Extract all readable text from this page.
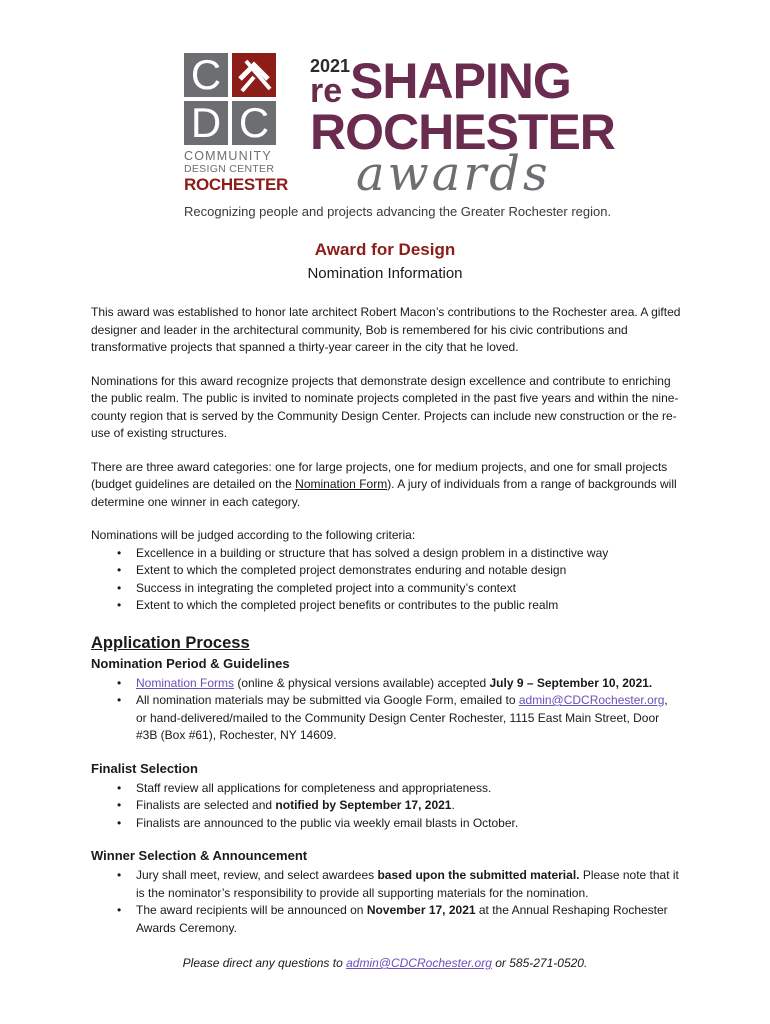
C
D C
COMMUNITY
DESIGN CENTER
ROCHESTER
2021
re SHAPING
ROCHESTER
awards
Recognizing people and projects advancing the Greater Rochester region.
Award for Design
Nomination Information

This award was established to honor late architect Robert Macon’s contributions to the Rochester area. A gifted designer and leader in the architectural community, Bob is remembered for his civic contributions and transformative projects that spanned a thirty-year career in the city that he loved.

Nominations for this award recognize projects that demonstrate design excellence and contribute to enriching the public realm. The public is invited to nominate projects completed in the past five years and within the nine-county region that is served by the Community Design Center. Projects can include new construction or the re-use of existing structures.

There are three award categories: one for large projects, one for medium projects, and one for small projects (budget guidelines are detailed on the Nomination Form). A jury of individuals from a range of backgrounds will determine one winner in each category.

Nominations will be judged according to the following criteria:

• Excellence in a building or structure that has solved a design problem in a distinctive way
• Extent to which the completed project demonstrates enduring and notable design
• Success in integrating the completed project into a community’s context
• Extent to which the completed project benefits or contributes to the public realm
Application Process
Nomination Period & Guidelines
• Nomination Forms (online & physical versions available) accepted July 9 – September 10, 2021.
• All nomination materials may be submitted via Google Form, emailed to admin@CDCRochester.org, or hand-delivered/mailed to the Community Design Center Rochester, 1115 East Main Street, Door #3B (Box #61), Rochester, NY 14609.
Finalist Selection
• Staff review all applications for completeness and appropriateness.
• Finalists are selected and notified by September 17, 2021.
• Finalists are announced to the public via weekly email blasts in October.
Winner Selection & Announcement
• Jury shall meet, review, and select awardees based upon the submitted material. Please note that it is the nominator’s responsibility to provide all supporting materials for the nomination.
• The award recipients will be announced on November 17, 2021 at the Annual Reshaping Rochester Awards Ceremony.
Please direct any questions to admin@CDCRochester.org or 585-271-0520.
